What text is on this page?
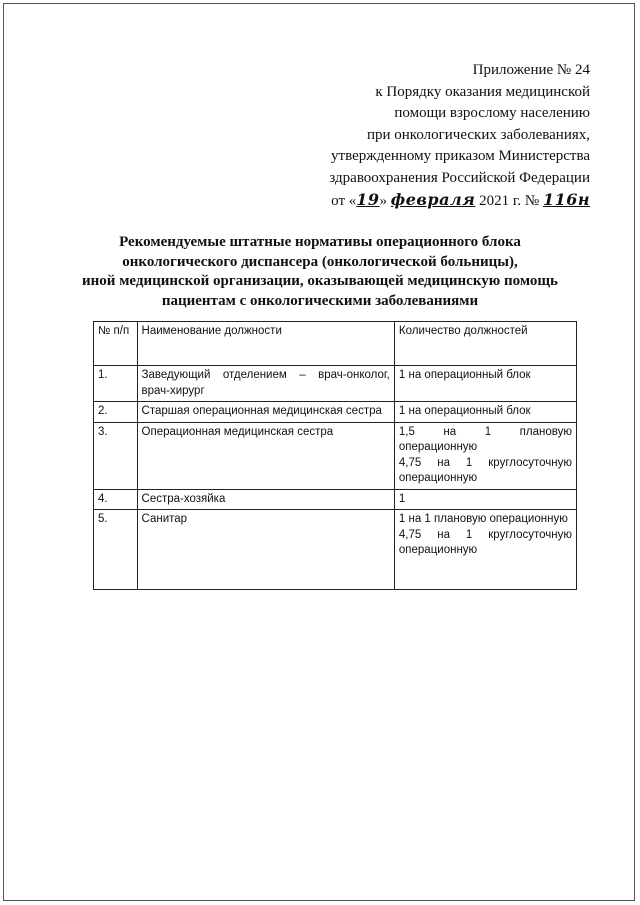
Приложение № 24
к Порядку оказания медицинской
помощи взрослому населению
при онкологических заболеваниях,
утвержденному приказом Министерства
здравоохранения Российской Федерации
от «19» февраля 2021 г. № 116н
Рекомендуемые штатные нормативы операционного блока
онкологического диспансера (онкологической больницы),
иной медицинской организации, оказывающей медицинскую помощь
пациентам с онкологическими заболеваниями
№ п/п	Наименование должности	Количество должностей
1.	Заведующий отделением – врач-онколог, врач-хирург	1 на операционный блок

2.	Старшая операционная медицинская сестра	1 на операционный блок

3.	Операционная медицинская сестра	1,5 на 1 плановую операционную
4,75 на 1 круглосуточную операционную

4.	Сестра-хозяйка	1

5.	Санитар	1 на 1 плановую операционную
4,75 на 1 круглосуточную операционную
